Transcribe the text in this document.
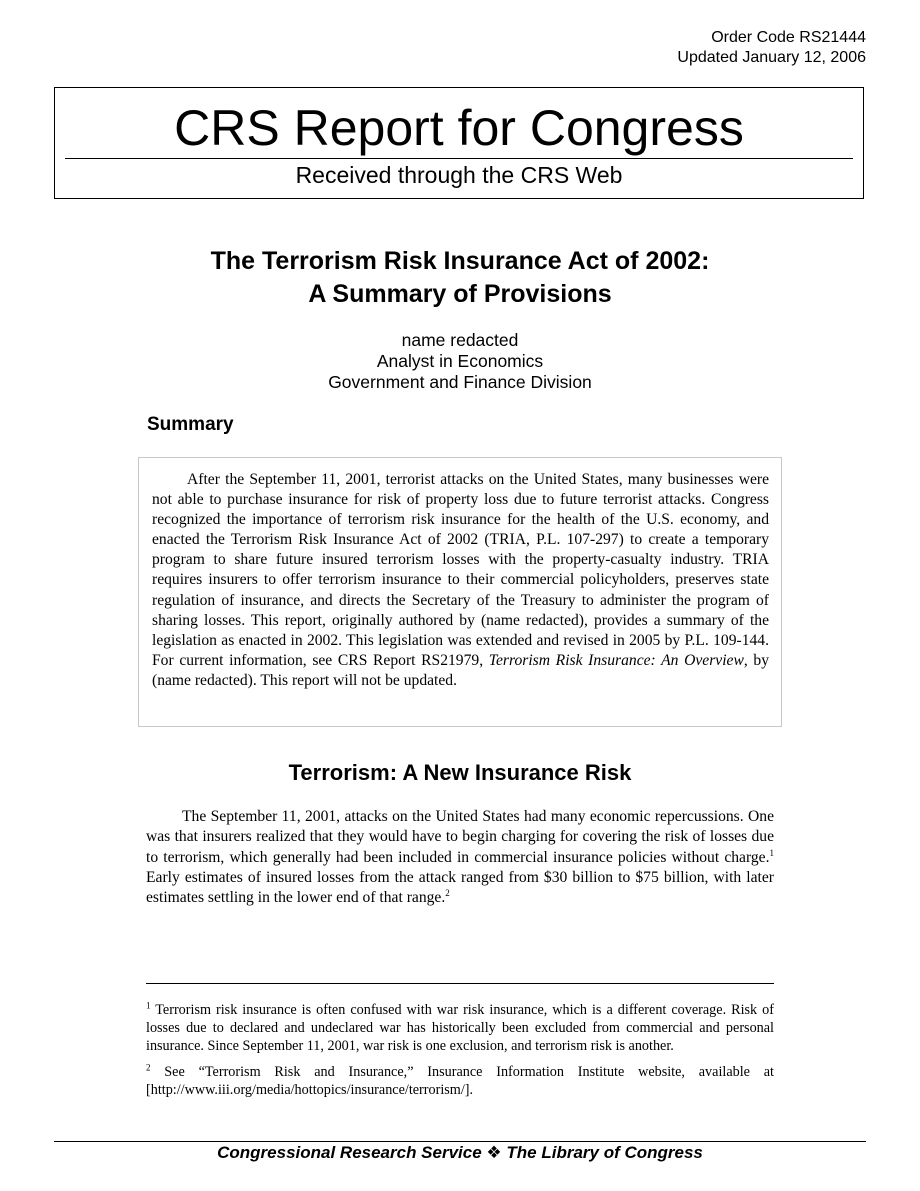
Order Code RS21444
Updated January 12, 2006
CRS Report for Congress
Received through the CRS Web
The Terrorism Risk Insurance Act of 2002:
A Summary of Provisions
name redacted
Analyst in Economics
Government and Finance Division
Summary
After the September 11, 2001, terrorist attacks on the United States, many businesses were not able to purchase insurance for risk of property loss due to future terrorist attacks. Congress recognized the importance of terrorism risk insurance for the health of the U.S. economy, and enacted the Terrorism Risk Insurance Act of 2002 (TRIA, P.L. 107-297) to create a temporary program to share future insured terrorism losses with the property-casualty industry. TRIA requires insurers to offer terrorism insurance to their commercial policyholders, preserves state regulation of insurance, and directs the Secretary of the Treasury to administer the program of sharing losses. This report, originally authored by (name redacted), provides a summary of the legislation as enacted in 2002. This legislation was extended and revised in 2005 by P.L. 109-144. For current information, see CRS Report RS21979, Terrorism Risk Insurance: An Overview, by (name redacted). This report will not be updated.
Terrorism: A New Insurance Risk

The September 11, 2001, attacks on the United States had many economic repercussions. One was that insurers realized that they would have to begin charging for covering the risk of losses due to terrorism, which generally had been included in commercial insurance policies without charge.$^1$ Early estimates of insured losses from the attack ranged from $30 billion to $75 billion, with later estimates settling in the lower end of that range.$^2$

$^1$ Terrorism risk insurance is often confused with war risk insurance, which is a different coverage. Risk of losses due to declared and undeclared war has historically been excluded from commercial and personal insurance. Since September 11, 2001, war risk is one exclusion, and terrorism risk is another.

$^2$ See “Terrorism Risk and Insurance,” Insurance Information Institute website, available at [http://www.iii.org/media/hottopics/insurance/terrorism/].

Congressional Research Service ❖ The Library of Congress
